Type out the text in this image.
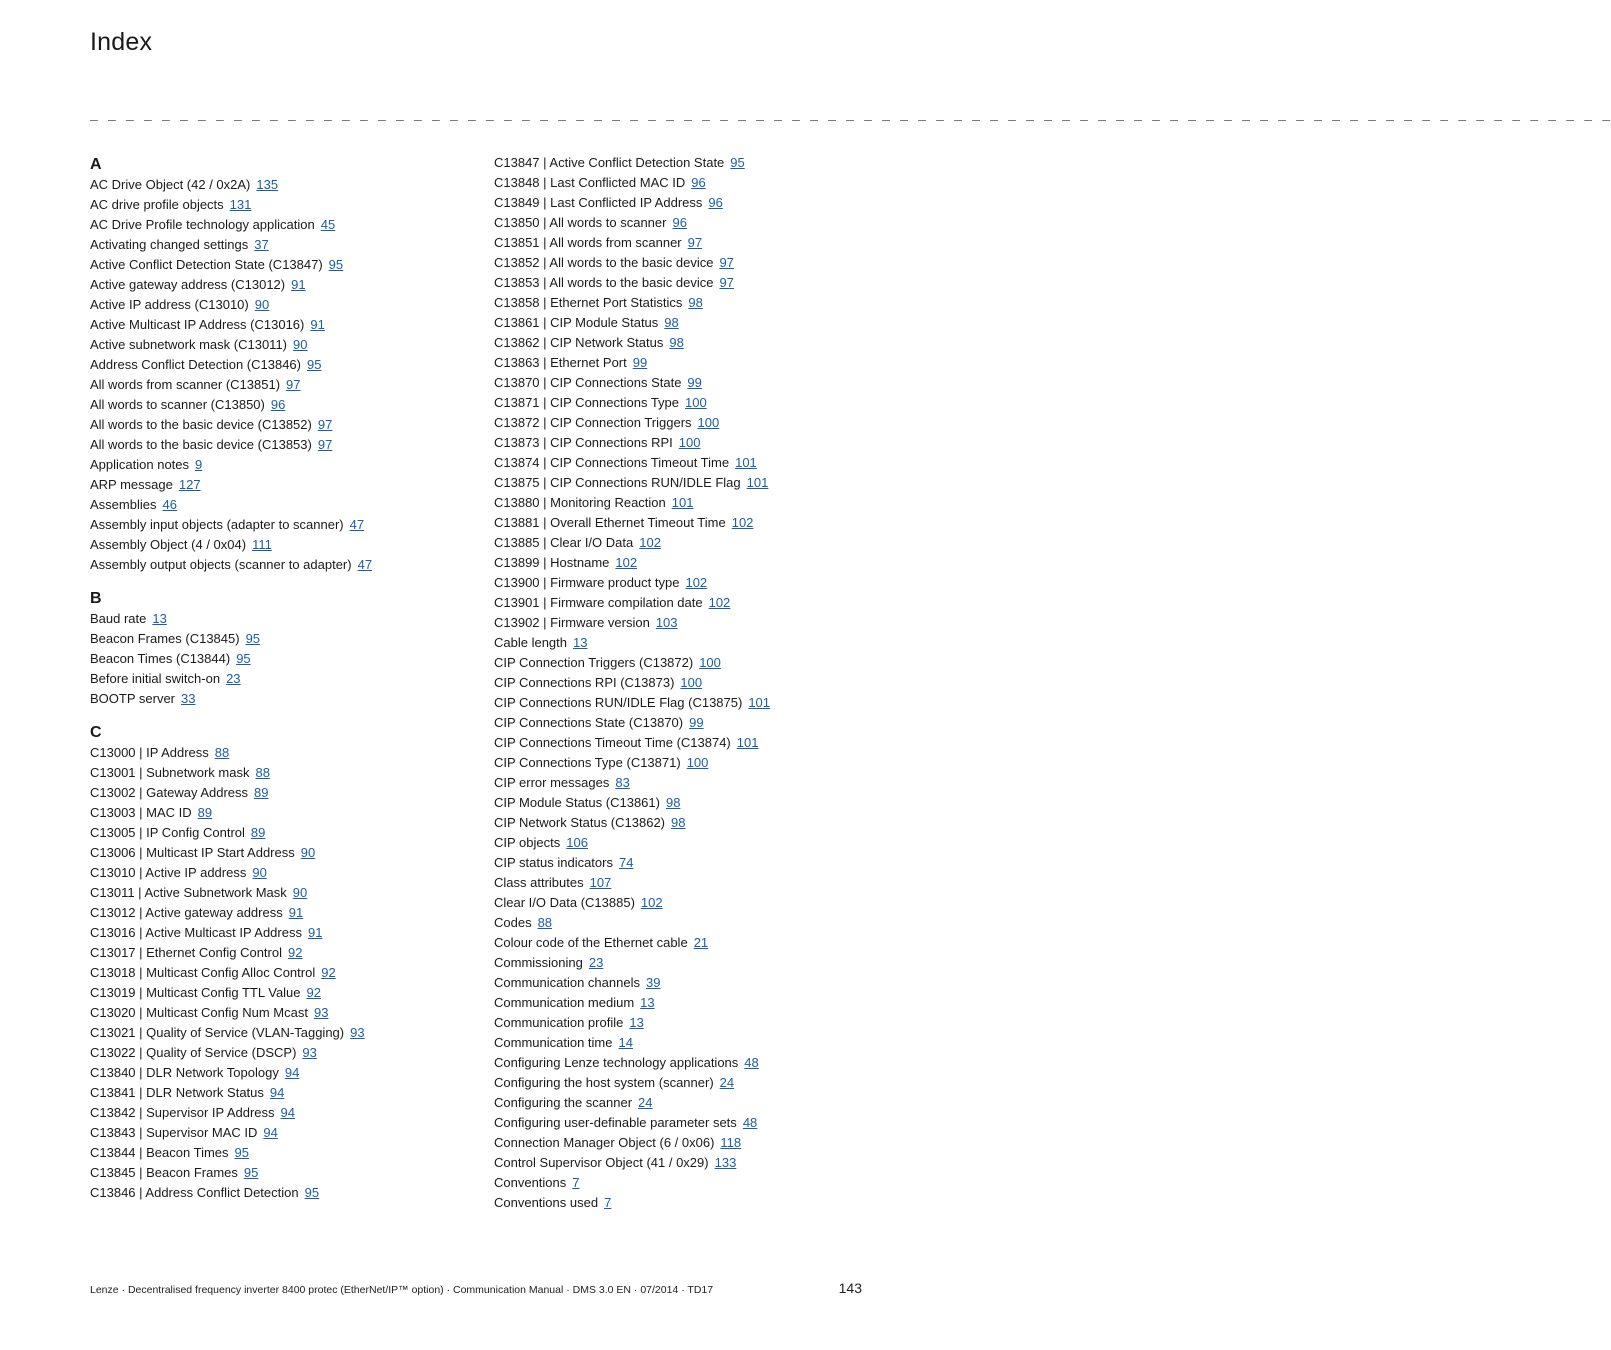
Index
_ _ _ _ _ _ _ _ _ _ _ _ _ _ _ _ _ _ _ _ _ _ _ _ _ _ _ _ _ _ _ _ _ _ _ _ _ _ _ _ _ _ _ _ _ _ _ _ _ _ _ _ _ _ _ _ _ _ _ _ _ _ _ _ _ _ _ _ _ _ _ _ _ _ _ _ _ _ _ _ _ _ _ _ _
A
AC Drive Object (42 / 0x2A) 135
AC drive profile objects 131
AC Drive Profile technology application 45
Activating changed settings 37
Active Conflict Detection State (C13847) 95
Active gateway address (C13012) 91
Active IP address (C13010) 90
Active Multicast IP Address (C13016) 91
Active subnetwork mask (C13011) 90
Address Conflict Detection (C13846) 95
All words from scanner (C13851) 97
All words to scanner (C13850) 96
All words to the basic device (C13852) 97
All words to the basic device (C13853) 97
Application notes 9
ARP message 127
Assemblies 46
Assembly input objects (adapter to scanner) 47
Assembly Object (4 / 0x04) 111
Assembly output objects (scanner to adapter) 47
B
Baud rate 13
Beacon Frames (C13845) 95
Beacon Times (C13844) 95
Before initial switch-on 23
BOOTP server 33
C
C13000 | IP Address 88
C13001 | Subnetwork mask 88
C13002 | Gateway Address 89
C13003 | MAC ID 89
C13005 | IP Config Control 89
C13006 | Multicast IP Start Address 90
C13010 | Active IP address 90
C13011 | Active Subnetwork Mask 90
C13012 | Active gateway address 91
C13016 | Active Multicast IP Address 91
C13017 | Ethernet Config Control 92
C13018 | Multicast Config Alloc Control 92
C13019 | Multicast Config TTL Value 92
C13020 | Multicast Config Num Mcast 93
C13021 | Quality of Service (VLAN-Tagging) 93
C13022 | Quality of Service (DSCP) 93
C13840 | DLR Network Topology 94
C13841 | DLR Network Status 94
C13842 | Supervisor IP Address 94
C13843 | Supervisor MAC ID 94
C13844 | Beacon Times 95
C13845 | Beacon Frames 95
C13846 | Address Conflict Detection 95
C13847 | Active Conflict Detection State 95
C13848 | Last Conflicted MAC ID 96
C13849 | Last Conflicted IP Address 96
C13850 | All words to scanner 96
C13851 | All words from scanner 97
C13852 | All words to the basic device 97
C13853 | All words to the basic device 97
C13858 | Ethernet Port Statistics 98
C13861 | CIP Module Status 98
C13862 | CIP Network Status 98
C13863 | Ethernet Port 99
C13870 | CIP Connections State 99
C13871 | CIP Connections Type 100
C13872 | CIP Connection Triggers 100
C13873 | CIP Connections RPI 100
C13874 | CIP Connections Timeout Time 101
C13875 | CIP Connections RUN/IDLE Flag 101
C13880 | Monitoring Reaction 101
C13881 | Overall Ethernet Timeout Time 102
C13885 | Clear I/O Data 102
C13899 | Hostname 102
C13900 | Firmware product type 102
C13901 | Firmware compilation date 102
C13902 | Firmware version 103
Cable length 13
CIP Connection Triggers (C13872) 100
CIP Connections RPI (C13873) 100
CIP Connections RUN/IDLE Flag (C13875) 101
CIP Connections State (C13870) 99
CIP Connections Timeout Time (C13874) 101
CIP Connections Type (C13871) 100
CIP error messages 83
CIP Module Status (C13861) 98
CIP Network Status (C13862) 98
CIP objects 106
CIP status indicators 74
Class attributes 107
Clear I/O Data (C13885) 102
Codes 88
Colour code of the Ethernet cable 21
Commissioning 23
Communication channels 39
Communication medium 13
Communication profile 13
Communication time 14
Configuring Lenze technology applications 48
Configuring the host system (scanner) 24
Configuring the scanner 24
Configuring user-definable parameter sets 48
Connection Manager Object (6 / 0x06) 118
Control Supervisor Object (41 / 0x29) 133
Conventions 7
Conventions used 7
Lenze · Decentralised frequency inverter 8400 protec (EtherNet/IP™ option) · Communication Manual · DMS 3.0 EN · 07/2014 · TD17	143
